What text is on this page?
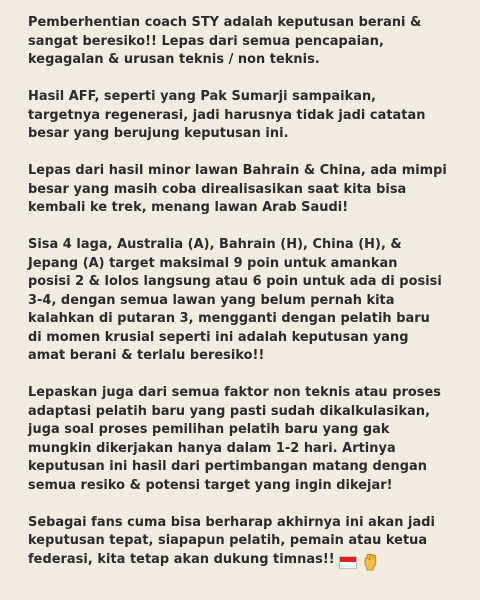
Pemberhentian coach STY adalah keputusan berani &
sangat beresiko!! Lepas dari semua pencapaian,
kegagalan & urusan teknis / non teknis.

Hasil AFF, seperti yang Pak Sumarji sampaikan,
targetnya regenerasi, jadi harusnya tidak jadi catatan
besar yang berujung keputusan ini.

Lepas dari hasil minor lawan Bahrain & China, ada mimpi
besar yang masih coba direalisasikan saat kita bisa
kembali ke trek, menang lawan Arab Saudi!

Sisa 4 laga, Australia (A), Bahrain (H), China (H), &
Jepang (A) target maksimal 9 poin untuk amankan
posisi 2 & lolos langsung atau 6 poin untuk ada di posisi
3-4, dengan semua lawan yang belum pernah kita
kalahkan di putaran 3, mengganti dengan pelatih baru
di momen krusial seperti ini adalah keputusan yang
amat berani & terlalu beresiko!!

Lepaskan juga dari semua faktor non teknis atau proses
adaptasi pelatih baru yang pasti sudah dikalkulasikan,
juga soal proses pemilihan pelatih baru yang gak
mungkin dikerjakan hanya dalam 1-2 hari. Artinya
keputusan ini hasil dari pertimbangan matang dengan
semua resiko & potensi target yang ingin dikejar!

Sebagai fans cuma bisa berharap akhirnya ini akan jadi
keputusan tepat, siapapun pelatih, pemain atau ketua
federasi, kita tetap akan dukung timnas!!
